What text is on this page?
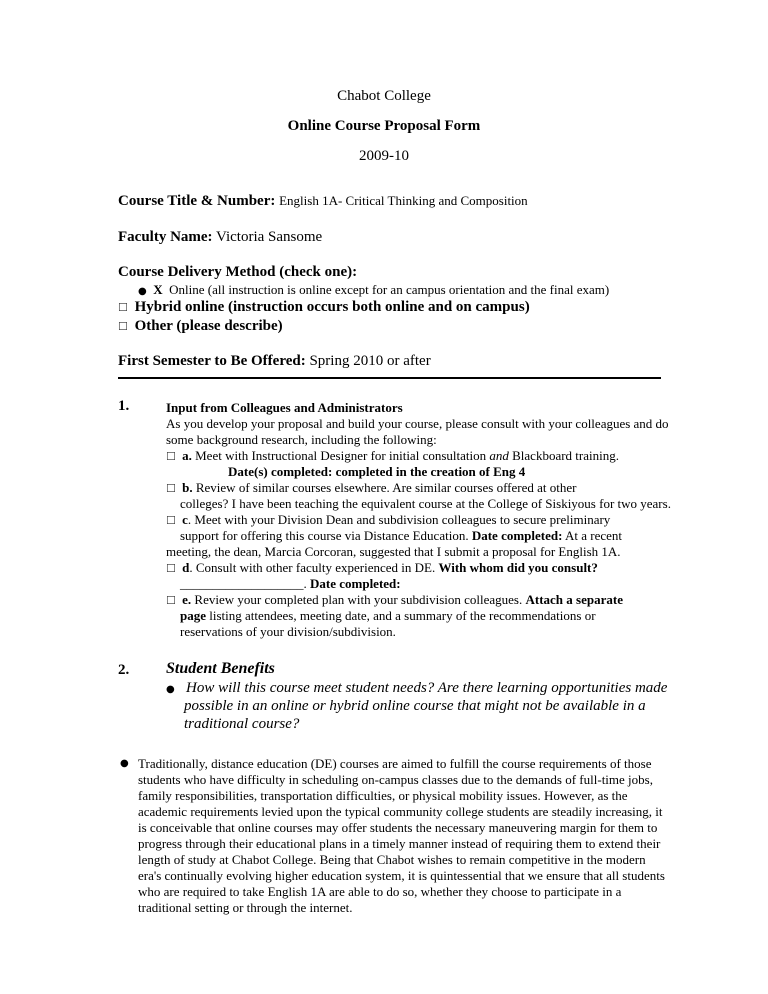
Chabot College
Online Course Proposal Form
2009-10
Course Title & Number: English 1A- Critical Thinking and Composition
Faculty Name: Victoria Sansome
Course Delivery Method (check one):
● X Online (all instruction is online except for an campus orientation and the final exam)
☐ Hybrid online (instruction occurs both online and on campus)
☐ Other (please describe)
First Semester to Be Offered: Spring 2010 or after
1.	Input from Colleagues and Administrators
As you develop your proposal and build your course, please consult with your colleagues and do
some background research, including the following:
☐ a. Meet with Instructional Designer for initial consultation and Blackboard training.
Date(s) completed: completed in the creation of Eng 4
☐ b. Review of similar courses elsewhere. Are similar courses offered at other
colleges? I have been teaching the equivalent course at the College of Siskiyous for two years.
☐ c. Meet with your Division Dean and subdivision colleagues to secure preliminary
support for offering this course via Distance Education. Date completed: At a recent
meeting, the dean, Marcia Corcoran, suggested that I submit a proposal for English 1A.
☐ d. Consult with other faculty experienced in DE. With whom did you consult?
___________________. Date completed:
☐ e. Review your completed plan with your subdivision colleagues. Attach a separate
page listing attendees, meeting date, and a summary of the recommendations or
reservations of your division/subdivision.
2. Student Benefits
● How will this course meet student needs? Are there learning opportunities made
possible in an online or hybrid online course that might not be available in a
traditional course?
● Traditionally, distance education (DE) courses are aimed to fulfill the course requirements of those
students who have difficulty in scheduling on-campus classes due to the demands of full-time jobs,
family responsibilities, transportation difficulties, or physical mobility issues. However, as the
academic requirements levied upon the typical community college students are steadily increasing, it
is conceivable that online courses may offer students the necessary maneuvering margin for them to
progress through their educational plans in a timely manner instead of requiring them to extend their
length of study at Chabot College. Being that Chabot wishes to remain competitive in the modern
era's continually evolving higher education system, it is quintessential that we ensure that all students
who are required to take English 1A are able to do so, whether they choose to participate in a
traditional setting or through the internet.
